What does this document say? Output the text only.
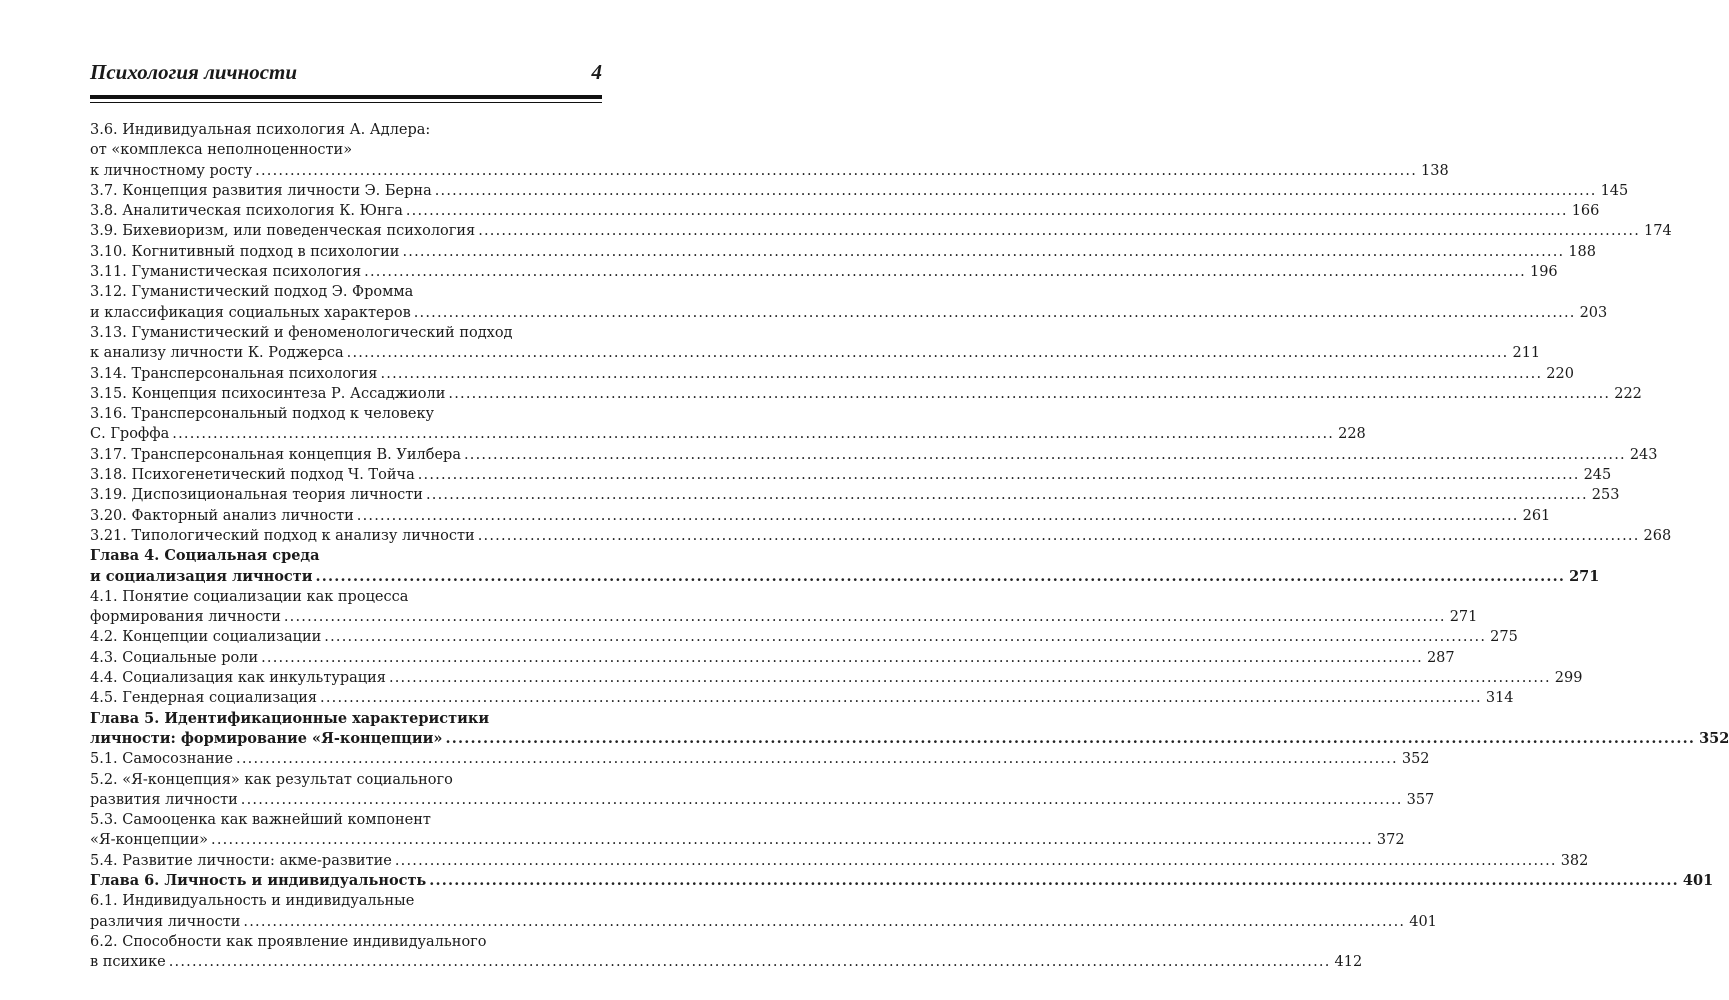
Психология личности	4
3.6. Индивидуальная психология А. Адлера:
от «комплекса неполноценности»
к личностному росту ........................................................................................................................................................................................................ 138
3.7. Концепция развития личности Э. Берна ........................................................................................................................................................................................................ 145
3.8. Аналитическая психология К. Юнга ........................................................................................................................................................................................................ 166
3.9. Бихевиоризм, или поведенческая психология ........................................................................................................................................................................................................ 174
3.10. Когнитивный подход в психологии ........................................................................................................................................................................................................ 188
3.11. Гуманистическая психология ........................................................................................................................................................................................................ 196
3.12. Гуманистический подход Э. Фромма
и классификация социальных характеров ........................................................................................................................................................................................................ 203
3.13. Гуманистический и феноменологический подход
к анализу личности К. Роджерса ........................................................................................................................................................................................................ 211
3.14. Трансперсональная психология ........................................................................................................................................................................................................ 220
3.15. Концепция психосинтеза Р. Ассаджиоли ........................................................................................................................................................................................................ 222
3.16. Трансперсональный подход к человеку
С. Гроффа ........................................................................................................................................................................................................ 228
3.17. Трансперсональная концепция В. Уилбера ........................................................................................................................................................................................................ 243
3.18. Психогенетический подход Ч. Тойча ........................................................................................................................................................................................................ 245
3.19. Диспозициональная теория личности ........................................................................................................................................................................................................ 253
3.20. Факторный анализ личности ........................................................................................................................................................................................................ 261
3.21. Типологический подход к анализу личности ........................................................................................................................................................................................................ 268
Глава 4. Социальная среда
и социализация личности ........................................................................................................................................................................................................ 271
4.1. Понятие социализации как процесса
формирования личности ........................................................................................................................................................................................................ 271
4.2. Концепции социализации ........................................................................................................................................................................................................ 275
4.3. Социальные роли ........................................................................................................................................................................................................ 287
4.4. Социализация как инкультурация ........................................................................................................................................................................................................ 299
4.5. Гендерная социализация ........................................................................................................................................................................................................ 314
Глава 5. Идентификационные характеристики
личности: формирование «Я-концепции» ........................................................................................................................................................................................................ 352
5.1. Самосознание ........................................................................................................................................................................................................ 352
5.2. «Я-концепция» как результат социального
развития личности ........................................................................................................................................................................................................ 357
5.3. Самооценка как важнейший компонент
«Я-концепции» ........................................................................................................................................................................................................ 372
5.4. Развитие личности: акме-развитие ........................................................................................................................................................................................................ 382
Глава 6. Личность и индивидуальность ........................................................................................................................................................................................................ 401
6.1. Индивидуальность и индивидуальные
различия личности ........................................................................................................................................................................................................ 401
6.2. Способности как проявление индивидуального
в психике ........................................................................................................................................................................................................ 412
